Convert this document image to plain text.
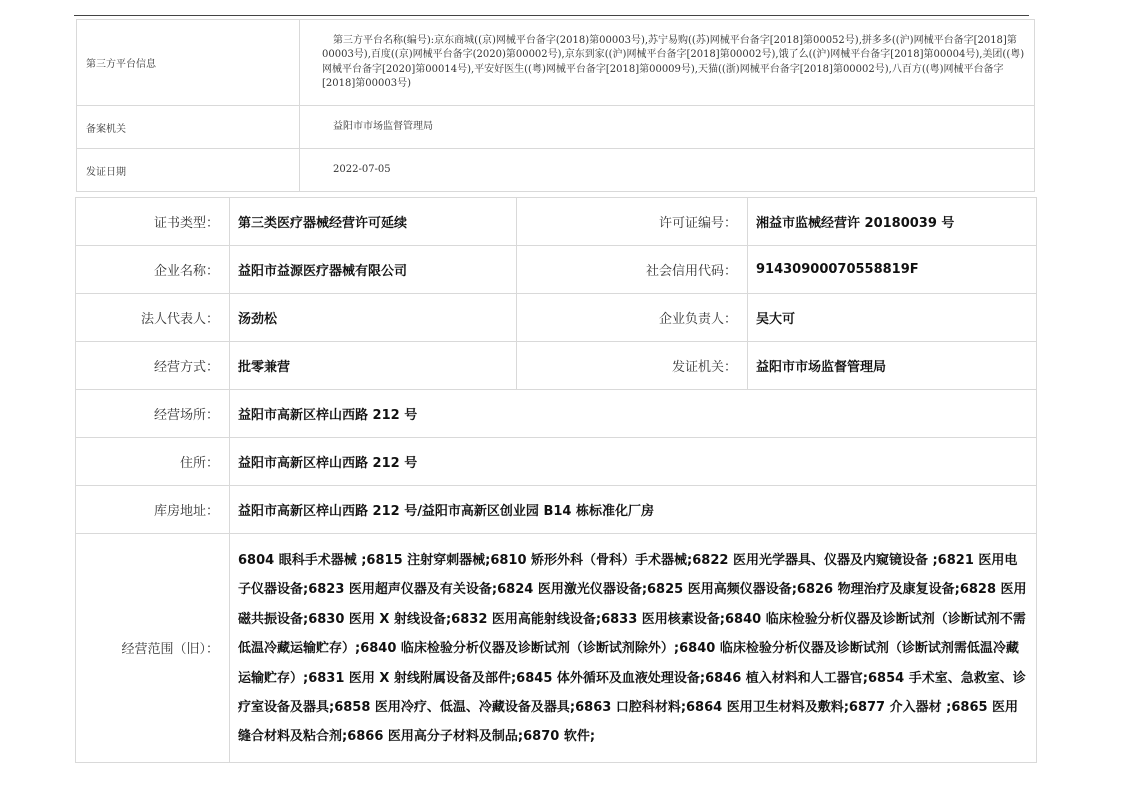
第三方平台信息	第三方平台名称(编号):京东商城((京)网械平台备字(2018)第00003号),苏宁易购((苏)网械平台备字[2018]第00052号),拼多多((沪)网械平台备字[2018]第00003号),百度((京)网械平台备字(2020)第00002号),京东到家((沪)网械平台备字[2018]第00002号),饿了么((沪)网械平台备字[2018]第00004号),美团((粤)网械平台备字[2020]第00014号),平安好医生((粤)网械平台备字[2018]第00009号),天猫((浙)网械平台备字[2018]第00002号),八百方((粤)网械平台备字[2018]第00003号)
备案机关	益阳市市场监督管理局
发证日期	2022-07-05
证书类型：	第三类医疗器械经营许可延续	许可证编号：	湘益市监械经营许 20180039 号
企业名称：	益阳市益源医疗器械有限公司	社会信用代码：	91430900070558819F
法人代表人：	汤劲松	企业负责人：	吴大可
经营方式：	批零兼营	发证机关：	益阳市市场监督管理局
经营场所：	益阳市高新区梓山西路 212 号		
住所：	益阳市高新区梓山西路 212 号		
库房地址：	益阳市高新区梓山西路 212 号/益阳市高新区创业园 B14 栋标准化厂房		
经营范围（旧）：	6804 眼科手术器械 ;6815 注射穿刺器械;6810 矫形外科（骨科）手术器械;6822 医用光学器具、仪器及内窥镜设备 ;6821 医用电子仪器设备;6823 医用超声仪器及有关设备;6824 医用激光仪器设备;6825 医用高频仪器设备;6826 物理治疗及康复设备;6828 医用磁共振设备;6830 医用 X 射线设备;6832 医用高能射线设备;6833 医用核素设备;6840 临床检验分析仪器及诊断试剂（诊断试剂不需低温冷藏运输贮存）;6840 临床检验分析仪器及诊断试剂（诊断试剂除外）;6840 临床检验分析仪器及诊断试剂（诊断试剂需低温冷藏运输贮存）;6831 医用 X 射线附属设备及部件;6845 体外循环及血液处理设备;6846 植入材料和人工器官;6854 手术室、急救室、诊疗室设备及器具;6858 医用冷疗、低温、冷藏设备及器具;6863 口腔科材料;6864 医用卫生材料及敷料;6877 介入器材 ;6865 医用缝合材料及粘合剂;6866 医用高分子材料及制品;6870 软件;		
